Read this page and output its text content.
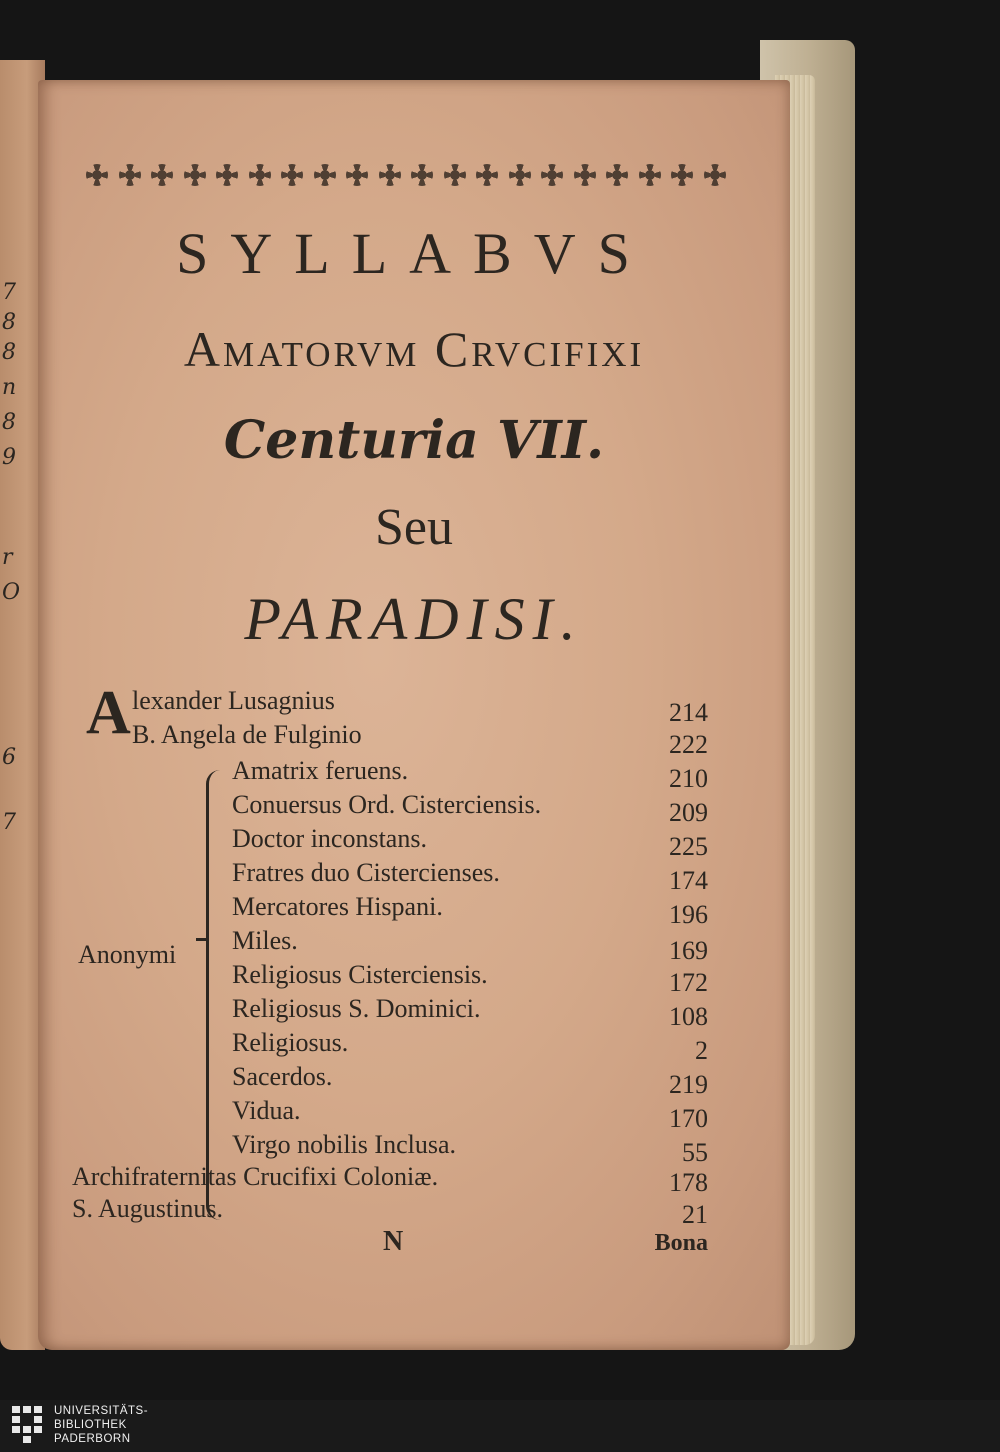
7
8
8
n
8
9
r
O
6
7
SYLLABVS
Amatorvm Crvcifixi
Centuria VII.
Seu
PARADISI.
A lexander Lusagnius	214
B. Angela de Fulginio	222
Anonymi
Amatrix feruens.	210
Conuersus Ord. Cisterciensis.	209
Doctor inconstans.	225
Fratres duo Cistercienses.	174
Mercatores Hispani.	196
Miles.	169
Religiosus Cisterciensis.	172
Religiosus S. Dominici.	108
Religiosus.	2
Sacerdos.	219
Vidua.	170
Virgo nobilis Inclusa.	55
Archifraternitas Crucifixi Coloniæ.	178
S. Augustinus.	21
N	Bona
UNIVERSITÄTS-
BIBLIOTHEK
PADERBORN
